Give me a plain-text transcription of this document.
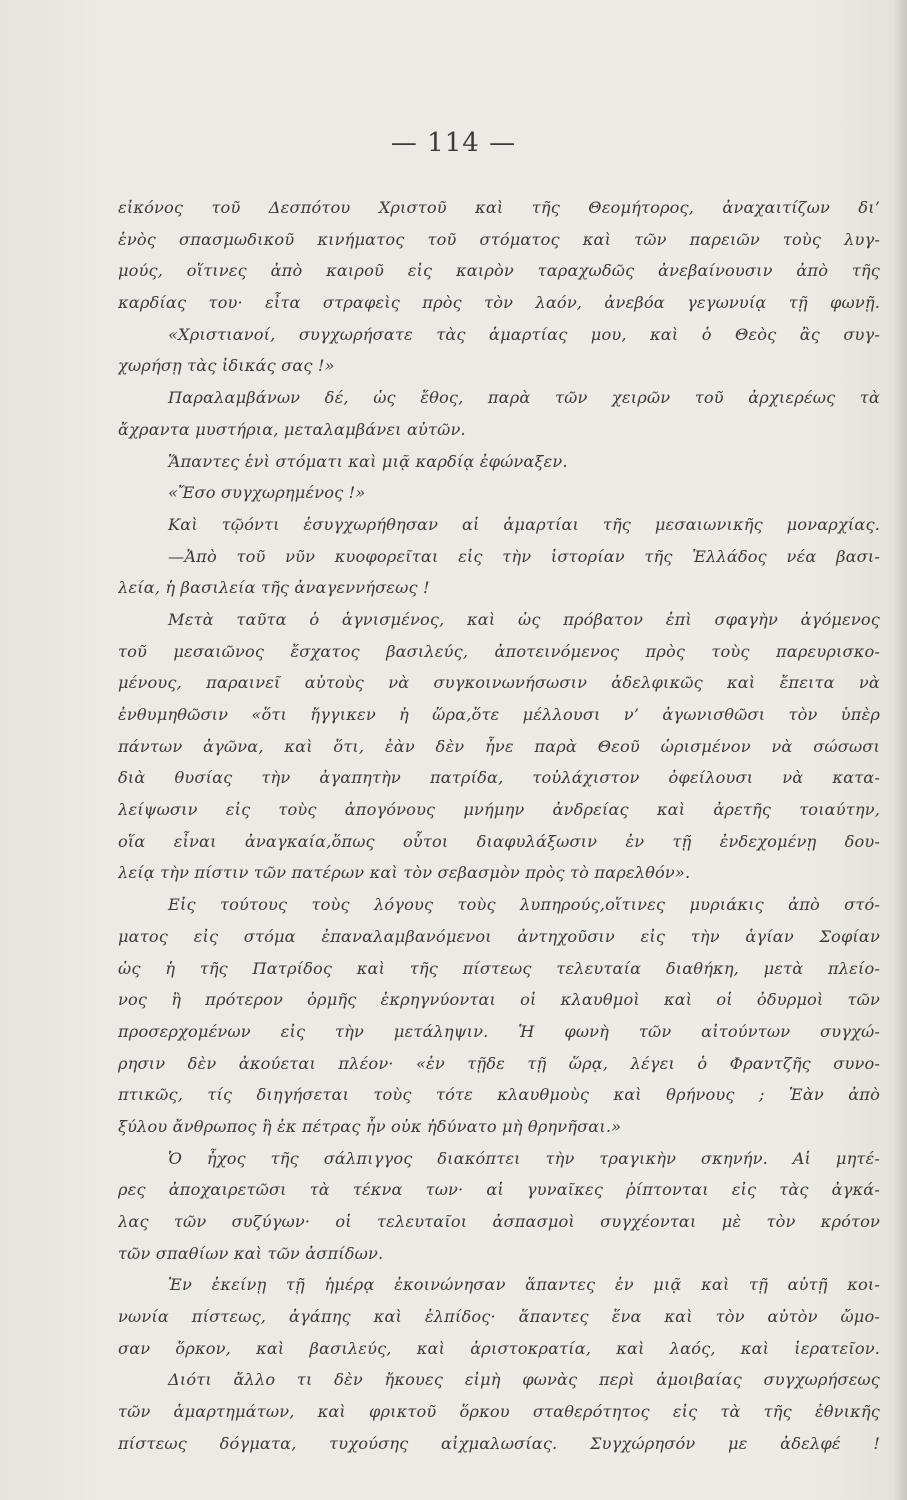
— 114 —
εἰκόνος τοῦ Δεσπότου Χριστοῦ καὶ τῆς Θεομήτορος, ἀναχαιτίζων δι’
ἑνὸς σπασμωδικοῦ κινήματος τοῦ στόματος καὶ τῶν παρειῶν τοὺς λυγ-
μούς, οἵτινες ἀπὸ καιροῦ εἰς καιρὸν ταραχωδῶς ἀνεβαίνουσιν ἀπὸ τῆς
καρδίας του· εἶτα στραφεὶς πρὸς τὸν λαόν, ἀνεβόα γεγωνυίᾳ τῇ φωνῇ.
«Χριστιανοί, συγχωρήσατε τὰς ἁμαρτίας μου, καὶ ὁ Θεὸς ἂς συγ-
χωρήσῃ τὰς ἰδικάς σας !»
Παραλαμβάνων δέ, ὡς ἔθος, παρὰ τῶν χειρῶν τοῦ ἀρχιερέως τὰ
ἄχραντα μυστήρια, μεταλαμβάνει αὐτῶν.
Ἅπαντες ἑνὶ στόματι καὶ μιᾷ καρδίᾳ ἐφώναξεν.
«Ἔσο συγχωρημένος !»
Καὶ τῷόντι ἐσυγχωρήθησαν αἱ ἁμαρτίαι τῆς μεσαιωνικῆς μοναρχίας.
—Ἀπὸ τοῦ νῦν κυοφορεῖται εἰς τὴν ἱστορίαν τῆς Ἑλλάδος νέα βασι-
λεία, ἡ βασιλεία τῆς ἀναγεννήσεως !
Μετὰ ταῦτα ὁ ἁγνισμένος, καὶ ὡς πρόβατον ἐπὶ σφαγὴν ἀγόμενος
τοῦ μεσαιῶνος ἔσχατος βασιλεύς, ἀποτεινόμενος πρὸς τοὺς παρευρισκο-
μένους, παραινεῖ αὐτοὺς νὰ συγκοινωνήσωσιν ἀδελφικῶς καὶ ἔπειτα νὰ
ἐνθυμηθῶσιν «ὅτι ἤγγικεν ἡ ὥρα,ὅτε μέλλουσι ν’ ἀγωνισθῶσι τὸν ὑπὲρ
πάντων ἀγῶνα, καὶ ὅτι, ἐὰν δὲν ἦνε παρὰ Θεοῦ ὡρισμένον νὰ σώσωσι
διὰ θυσίας τὴν ἀγαπητὴν πατρίδα, τοὐλάχιστον ὀφείλουσι νὰ κατα-
λείψωσιν εἰς τοὺς ἀπογόνους μνήμην ἀνδρείας καὶ ἀρετῆς τοιαύτην,
οἵα εἶναι ἀναγκαία,ὅπως οὗτοι διαφυλάξωσιν ἐν τῇ ἐνδεχομένῃ δου-
λείᾳ τὴν πίστιν τῶν πατέρων καὶ τὸν σεβασμὸν πρὸς τὸ παρελθόν».
Εἰς τούτους τοὺς λόγους τοὺς λυπηρούς,οἵτινες μυριάκις ἀπὸ στό-
ματος εἰς στόμα ἐπαναλαμβανόμενοι ἀντηχοῦσιν εἰς τὴν ἁγίαν Σοφίαν
ὡς ἡ τῆς Πατρίδος καὶ τῆς πίστεως τελευταία διαθήκη, μετὰ πλείο-
νος ἢ πρότερον ὁρμῆς ἐκρηγνύονται οἱ κλαυθμοὶ καὶ οἱ ὀδυρμοὶ τῶν
προσερχομένων εἰς τὴν μετάληψιν. Ἡ φωνὴ τῶν αἰτούντων συγχώ-
ρησιν δὲν ἀκούεται πλέον· «ἐν τῇδε τῇ ὥρᾳ, λέγει ὁ Φραντζῆς συνο-
πτικῶς, τίς διηγήσεται τοὺς τότε κλαυθμοὺς καὶ θρήνους ; Ἐὰν ἀπὸ
ξύλου ἄνθρωπος ἢ ἐκ πέτρας ἦν οὐκ ἠδύνατο μὴ θρηνῆσαι.»
Ὁ ἦχος τῆς σάλπιγγος διακόπτει τὴν τραγικὴν σκηνήν. Αἱ μητέ-
ρες ἀποχαιρετῶσι τὰ τέκνα των· αἱ γυναῖκες ῥίπτονται εἰς τὰς ἀγκά-
λας τῶν συζύγων· οἱ τελευταῖοι ἀσπασμοὶ συγχέονται μὲ τὸν κρότον
τῶν σπαθίων καὶ τῶν ἀσπίδων.
Ἐν ἐκείνῃ τῇ ἡμέρᾳ ἐκοινώνησαν ἅπαντες ἐν μιᾷ καὶ τῇ αὐτῇ κοι-
νωνία πίστεως, ἀγάπης καὶ ἐλπίδος· ἅπαντες ἕνα καὶ τὸν αὐτὸν ὤμο-
σαν ὅρκον, καὶ βασιλεύς, καὶ ἀριστοκρατία, καὶ λαός, καὶ ἱερατεῖον.
Διότι ἄλλο τι δὲν ἤκουες εἰμὴ φωνὰς περὶ ἀμοιβαίας συγχωρήσεως
τῶν ἁμαρτημάτων, καὶ φρικτοῦ ὅρκου σταθερότητος εἰς τὰ τῆς ἐθνικῆς
πίστεως δόγματα, τυχούσης αἰχμαλωσίας. Συγχώρησόν με ἀδελφέ !
